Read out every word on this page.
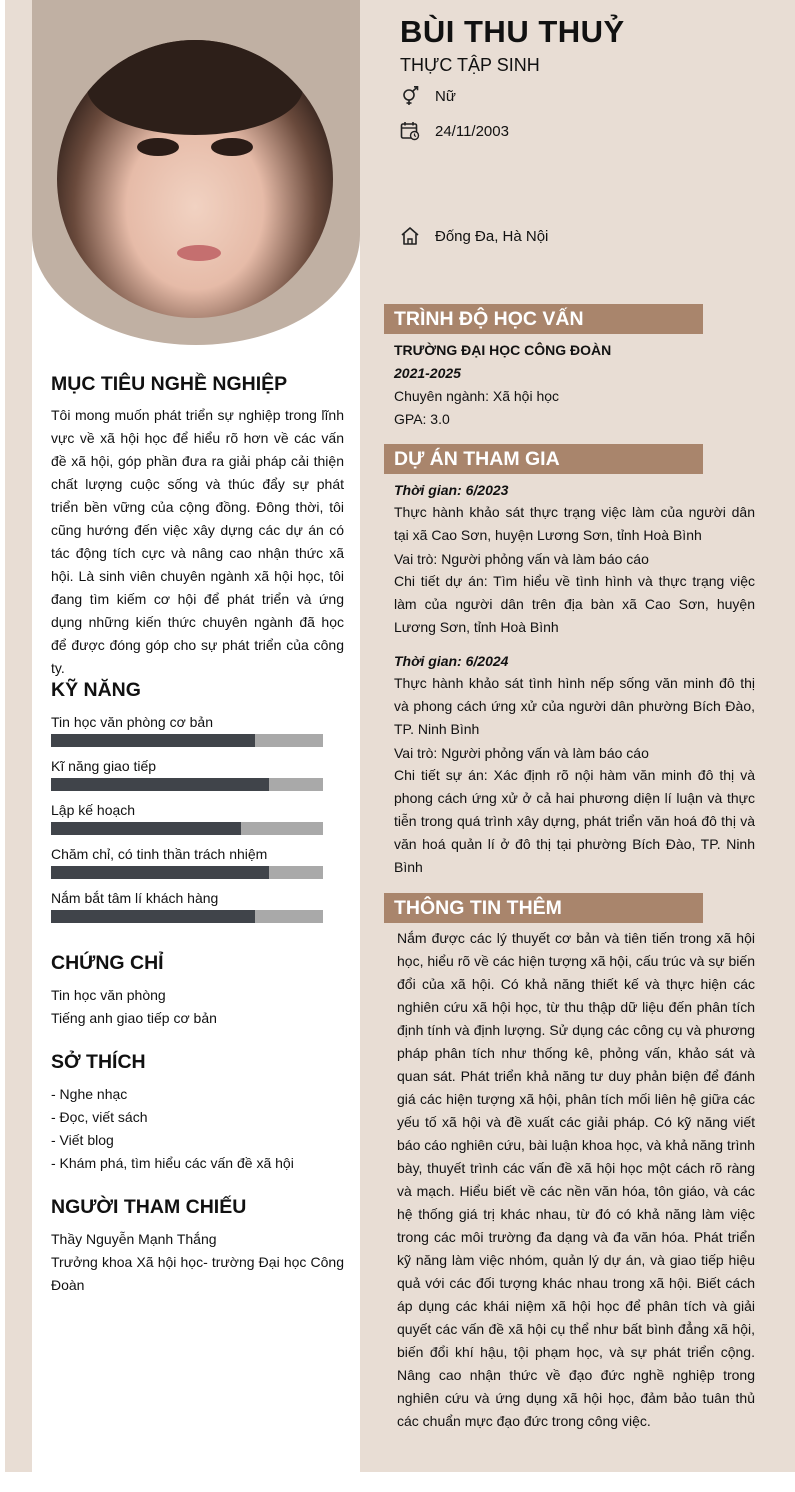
BÙI THU THUỶ
THỰC TẬP SINH
Nữ
24/11/2003
Đống Đa, Hà Nội
MỤC TIÊU NGHỀ NGHIỆP

Tôi mong muốn phát triển sự nghiệp trong lĩnh vực về xã hội học để hiểu rõ hơn về các vấn đề xã hội, góp phần đưa ra giải pháp cải thiện chất lượng cuộc sống và thúc đẩy sự phát triển bền vững của cộng đồng. Đông thời, tôi cũng hướng đến việc xây dựng các dự án có tác động tích cực và nâng cao nhận thức xã hội. Là sinh viên chuyên ngành xã hội học, tôi đang tìm kiếm cơ hội để phát triển và ứng dụng những kiến thức chuyên ngành đã học để được đóng góp cho sự phát triển của công ty.

KỸ NĂNG
Tin học văn phòng cơ bản
Kĩ năng giao tiếp
Lập kế hoạch
Chăm chỉ, có tinh thần trách nhiệm
Nắm bắt tâm lí khách hàng
CHỨNG CHỈ
Tin học văn phòng
Tiếng anh giao tiếp cơ bản
SỞ THÍCH
- Nghe nhạc
- Đọc, viết sách
- Viết blog
- Khám phá, tìm hiểu các vấn đề xã hội
NGƯỜI THAM CHIẾU
Thầy Nguyễn Mạnh Thắng

Trưởng khoa Xã hội học- trường Đại học Công Đoàn

TRÌNH ĐỘ HỌC VẤN
TRƯỜNG ĐẠI HỌC CÔNG ĐOÀN
2021-2025
Chuyên ngành: Xã hội học
GPA: 3.0
DỰ ÁN THAM GIA
Thời gian: 6/2023

Thực hành khảo sát thực trạng việc làm của người dân tại xã Cao Sơn, huyện Lương Sơn, tỉnh Hoà Bình

Vai trò: Người phỏng vấn và làm báo cáo

Chi tiết dự án: Tìm hiểu về tình hình và thực trạng việc làm của người dân trên địa bàn xã Cao Sơn, huyện Lương Sơn, tỉnh Hoà Bình

Thời gian: 6/2024

Thực hành khảo sát tình hình nếp sống văn minh đô thị và phong cách ứng xử của người dân phường Bích Đào, TP. Ninh Bình

Vai trò: Người phỏng vấn và làm báo cáo

Chi tiết sự án: Xác định rõ nội hàm văn minh đô thị và phong cách ứng xử ở cả hai phương diện lí luận và thực tiễn trong quá trình xây dựng, phát triển văn hoá đô thị và văn hoá quản lí ở đô thị tại phường Bích Đào, TP. Ninh Bình

THÔNG TIN THÊM

Nắm được các lý thuyết cơ bản và tiên tiến trong xã hội học, hiểu rõ về các hiện tượng xã hội, cấu trúc và sự biến đổi của xã hội. Có khả năng thiết kế và thực hiện các nghiên cứu xã hội học, từ thu thập dữ liệu đến phân tích định tính và định lượng. Sử dụng các công cụ và phương pháp phân tích như thống kê, phỏng vấn, khảo sát và quan sát. Phát triển khả năng tư duy phản biện để đánh giá các hiện tượng xã hội, phân tích mối liên hệ giữa các yếu tố xã hội và đề xuất các giải pháp. Có kỹ năng viết báo cáo nghiên cứu, bài luận khoa học, và khả năng trình bày, thuyết trình các vấn đề xã hội học một cách rõ ràng và mạch. Hiểu biết về các nền văn hóa, tôn giáo, và các hệ thống giá trị khác nhau, từ đó có khả năng làm việc trong các môi trường đa dạng và đa văn hóa. Phát triển kỹ năng làm việc nhóm, quản lý dự án, và giao tiếp hiệu quả với các đối tượng khác nhau trong xã hội. Biết cách áp dụng các khái niệm xã hội học để phân tích và giải quyết các vấn đề xã hội cụ thể như bất bình đẳng xã hội, biến đổi khí hậu, tội phạm học, và sự phát triển cộng. Nâng cao nhận thức về đạo đức nghề nghiệp trong nghiên cứu và ứng dụng xã hội học, đảm bảo tuân thủ các chuẩn mực đạo đức trong công việc.
